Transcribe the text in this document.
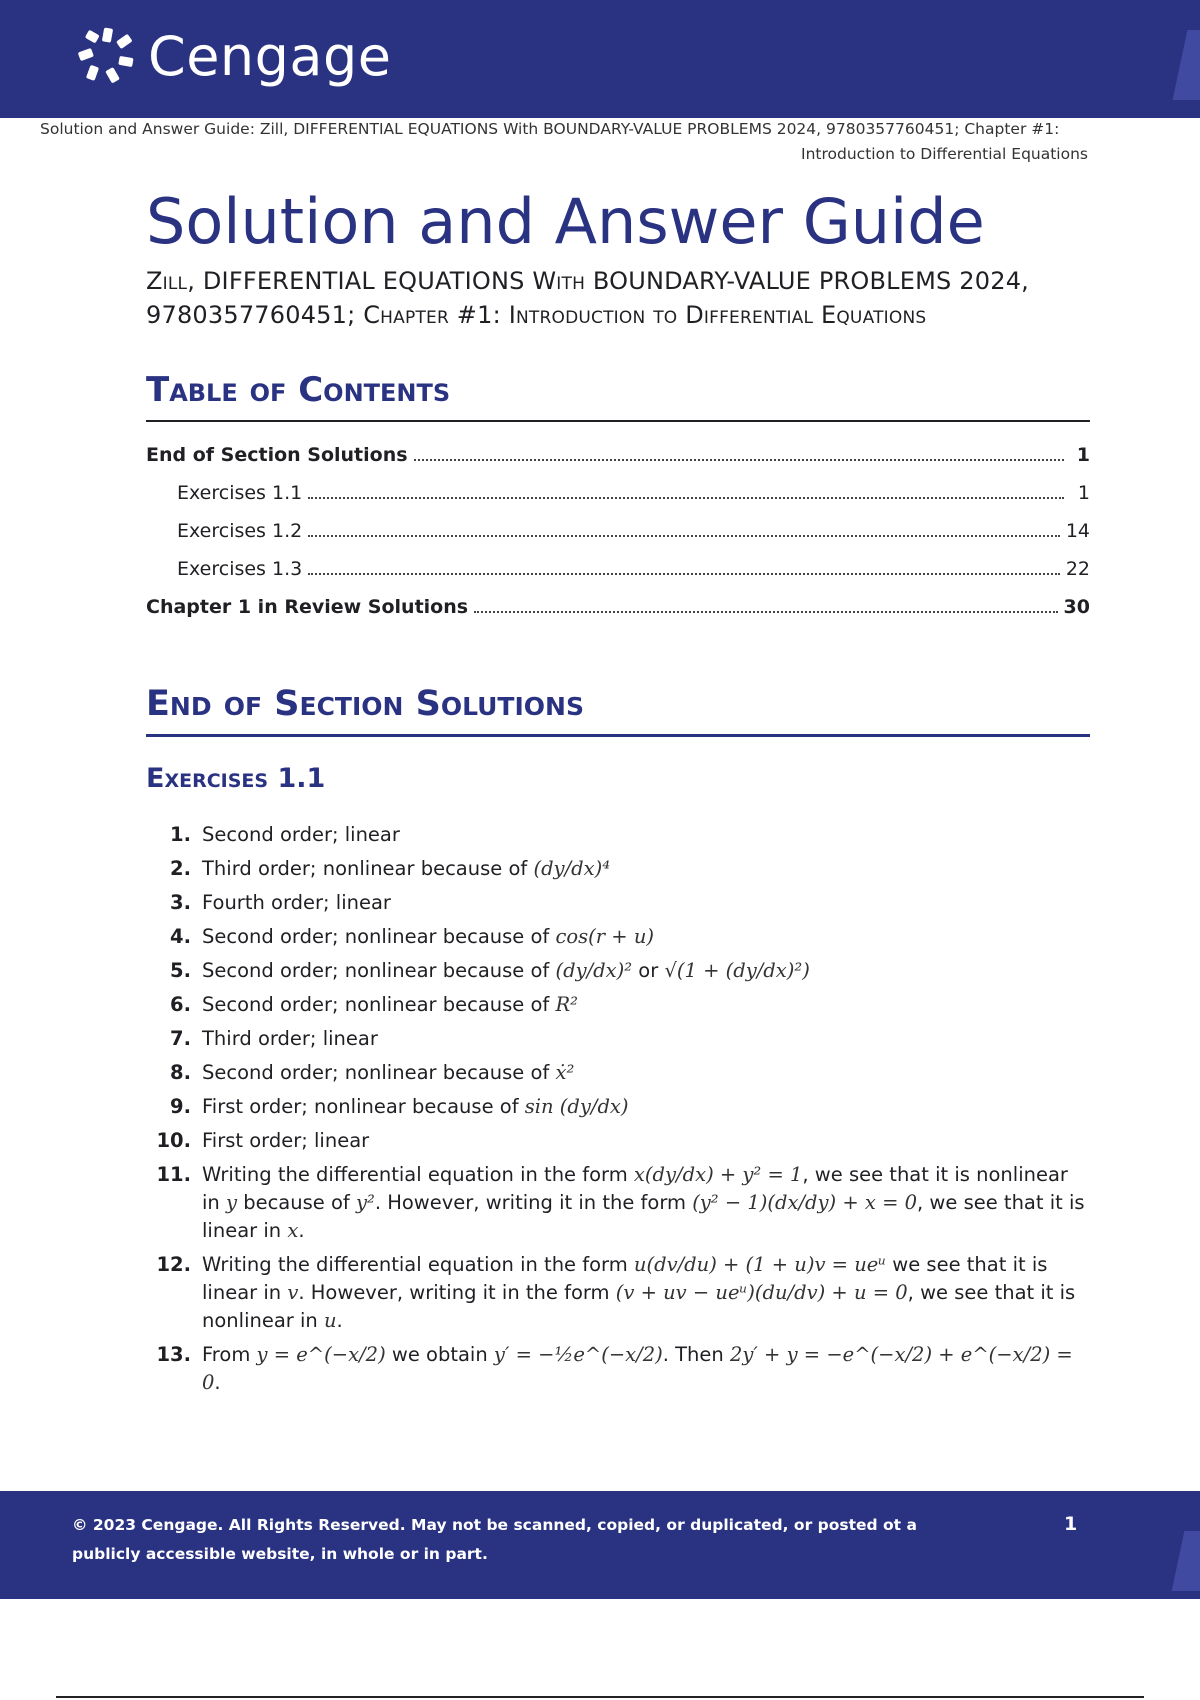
Cengage
Solution and Answer Guide: Zill, DIFFERENTIAL EQUATIONS With BOUNDARY-VALUE PROBLEMS 2024, 9780357760451; Chapter #1:
Introduction to Differential Equations
Solution and Answer Guide
Zill, DIFFERENTIAL EQUATIONS With BOUNDARY-VALUE PROBLEMS 2024,
9780357760451; Chapter #1: Introduction to Differential Equations
Table of Contents
End of Section Solutions	1
Exercises 1.1	1
Exercises 1.2	14
Exercises 1.3	22
Chapter 1 in Review Solutions	30
End of Section Solutions
Exercises 1.1
1. Second order; linear
2. Third order; nonlinear because of (dy/dx)⁴
3. Fourth order; linear
4. Second order; nonlinear because of cos(r + u)
5. Second order; nonlinear because of (dy/dx)² or √(1 + (dy/dx)²)
6. Second order; nonlinear because of R²
7. Third order; linear
8. Second order; nonlinear because of ẋ²
9. First order; nonlinear because of sin (dy/dx)
10. First order; linear
11. Writing the differential equation in the form x(dy/dx) + y² = 1, we see that it is nonlinear in y because of y². However, writing it in the form (y² − 1)(dx/dy) + x = 0, we see that it is linear in x.
12. Writing the differential equation in the form u(dv/du) + (1 + u)v = ueᵘ we see that it is linear in v. However, writing it in the form (v + uv − ueᵘ)(du/dv) + u = 0, we see that it is nonlinear in u.
13. From y = e^(−x/2) we obtain y′ = −½e^(−x/2). Then 2y′ + y = −e^(−x/2) + e^(−x/2) = 0.
© 2023 Cengage. All Rights Reserved. May not be scanned, copied, or duplicated, or posted ot a publicly accessible website, in whole or in part.
1
